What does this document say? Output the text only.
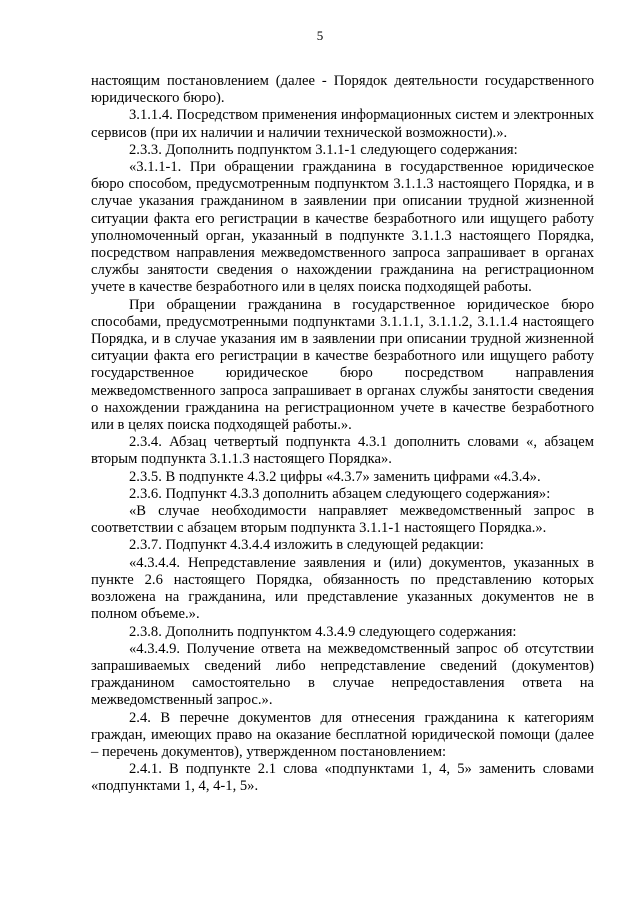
5

настоящим постановлением (далее - Порядок деятельности государственного юридического бюро).

3.1.1.4. Посредством применения информационных систем и электронных сервисов (при их наличии и наличии технической возможности).».

2.3.3. Дополнить подпунктом 3.1.1-1 следующего содержания:

«3.1.1-1. При обращении гражданина в государственное юридическое бюро способом, предусмотренным подпунктом 3.1.1.3 настоящего Порядка, и в случае указания гражданином в заявлении при описании трудной жизненной ситуации факта его регистрации в качестве безработного или ищущего работу уполномоченный орган, указанный в подпункте 3.1.1.3 настоящего Порядка, посредством направления межведомственного запроса запрашивает в органах службы занятости сведения о нахождении гражданина на регистрационном учете в качестве безработного или в целях поиска подходящей работы.

При обращении гражданина в государственное юридическое бюро способами, предусмотренными подпунктами 3.1.1.1, 3.1.1.2, 3.1.1.4 настоящего Порядка, и в случае указания им в заявлении при описании трудной жизненной ситуации факта его регистрации в качестве безработного или ищущего работу государственное юридическое бюро посредством направления межведомственного запроса запрашивает в органах службы занятости сведения о нахождении гражданина на регистрационном учете в качестве безработного или в целях поиска подходящей работы.».

2.3.4. Абзац четвертый подпункта 4.3.1 дополнить словами «, абзацем вторым подпункта 3.1.1.3 настоящего Порядка».

2.3.5. В подпункте 4.3.2 цифры «4.3.7» заменить цифрами «4.3.4».

2.3.6. Подпункт 4.3.3 дополнить абзацем следующего содержания»:

«В случае необходимости направляет межведомственный запрос в соответствии с абзацем вторым подпункта 3.1.1-1 настоящего Порядка.».

2.3.7. Подпункт 4.3.4.4 изложить в следующей редакции:

«4.3.4.4. Непредставление заявления и (или) документов, указанных в пункте 2.6 настоящего Порядка, обязанность по представлению которых возложена на гражданина, или представление указанных документов не в полном объеме.».

2.3.8. Дополнить подпунктом 4.3.4.9 следующего содержания:

«4.3.4.9. Получение ответа на межведомственный запрос об отсутствии запрашиваемых сведений либо непредставление сведений (документов) гражданином самостоятельно в случае непредоставления ответа на межведомственный запрос.».

2.4. В перечне документов для отнесения гражданина к категориям граждан, имеющих право на оказание бесплатной юридической помощи (далее – перечень документов), утвержденном постановлением:

2.4.1. В подпункте 2.1 слова «подпунктами 1, 4, 5» заменить словами «подпунктами 1, 4, 4-1, 5».
